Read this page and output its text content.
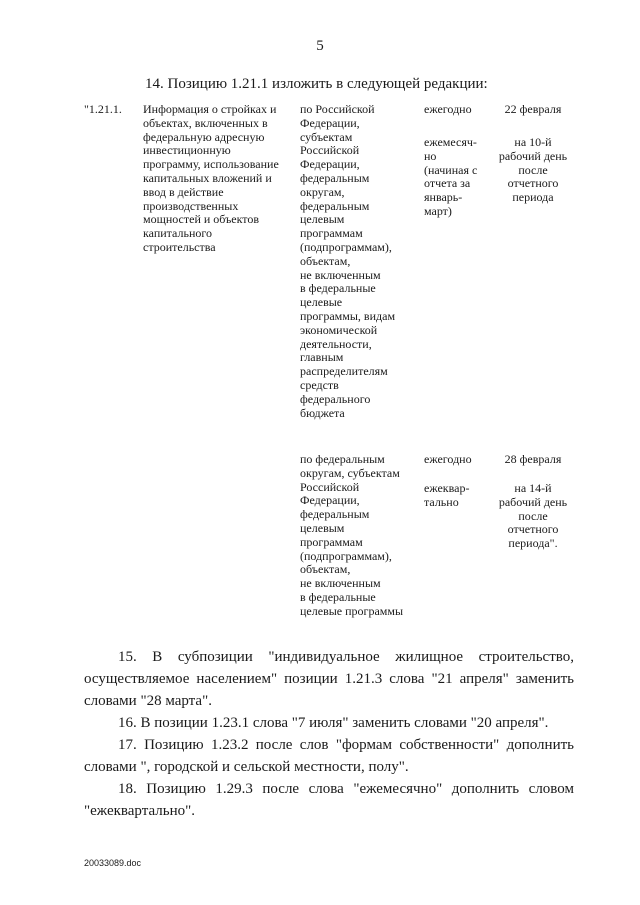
5
14. Позицию 1.21.1 изложить в следующей редакции:
"1.21.1. Информация о стройках и
объектах, включенных в
федеральную адресную
инвестиционную
программу, использование
капитальных вложений и
ввод в действие
производственных
мощностей и объектов
капитального
строительства
по Российской
Федерации,
субъектам
Российской
Федерации,
федеральным
округам,
федеральным
целевым
программам
(подпрограммам),
объектам,
не включенным
в федеральные
целевые
программы, видам
экономической
деятельности,
главным
распределителям
средств
федерального
бюджета
ежегодно
ежемесяч-
но
(начиная с
отчета за
январь-
март)
22 февраля
на 10-й
рабочий день
после
отчетного
периода
по федеральным
округам, субъектам
Российской
Федерации,
федеральным
целевым
программам
(подпрограммам),
объектам,
не включенным
в федеральные
целевые программы
ежегодно
ежеквар-
тально
28 февраля
на 14-й
рабочий день
после
отчетного
периода".
15. В субпозиции "индивидуальное жилищное строительство,
осуществляемое населением" позиции 1.21.3 слова "21 апреля" заменить
словами "28 марта".
16. В позиции 1.23.1 слова "7 июля" заменить словами "20 апреля".
17. Позицию 1.23.2 после слов "формам собственности" дополнить
словами ", городской и сельской местности, полу".
18. Позицию 1.29.3 после слова "ежемесячно" дополнить словом
"ежеквартально".
20033089.doc
